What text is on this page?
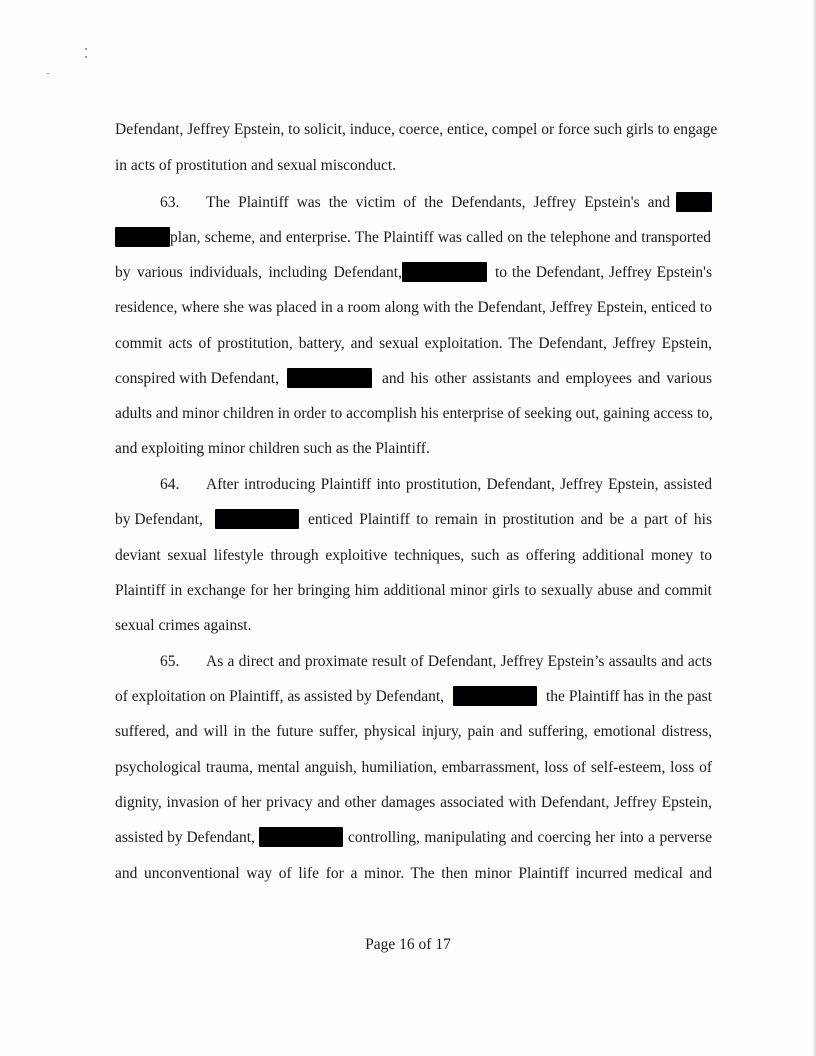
Defendant, Jeffrey Epstein, to solicit, induce, coerce, entice, compel or force such girls to engage
in acts of prostitution and sexual misconduct.
63. The Plaintiff was the victim of the Defendants, Jeffrey Epstein's and
plan, scheme, and enterprise. The Plaintiff was called on the telephone and transported
by various individuals, including Defendant,	to the Defendant, Jeffrey Epstein's
residence, where she was placed in a room along with the Defendant, Jeffrey Epstein, enticed to
commit acts of prostitution, battery, and sexual exploitation. The Defendant, Jeffrey Epstein,
conspired with Defendant,	and his other assistants and employees and various
adults and minor children in order to accomplish his enterprise of seeking out, gaining access to,
and exploiting minor children such as the Plaintiff.
64. After introducing Plaintiff into prostitution, Defendant, Jeffrey Epstein, assisted
by Defendant,	enticed Plaintiff to remain in prostitution and be a part of his
deviant sexual lifestyle through exploitive techniques, such as offering additional money to
Plaintiff in exchange for her bringing him additional minor girls to sexually abuse and commit
sexual crimes against.
65. As a direct and proximate result of Defendant, Jeffrey Epstein’s assaults and acts
of exploitation on Plaintiff, as assisted by Defendant,	the Plaintiff has in the past
suffered, and will in the future suffer, physical injury, pain and suffering, emotional distress,
psychological trauma, mental anguish, humiliation, embarrassment, loss of self-esteem, loss of
dignity, invasion of her privacy and other damages associated with Defendant, Jeffrey Epstein,
assisted by Defendant,	controlling, manipulating and coercing her into a perverse
and unconventional way of life for a minor. The then minor Plaintiff incurred medical and
Page 16 of 17
